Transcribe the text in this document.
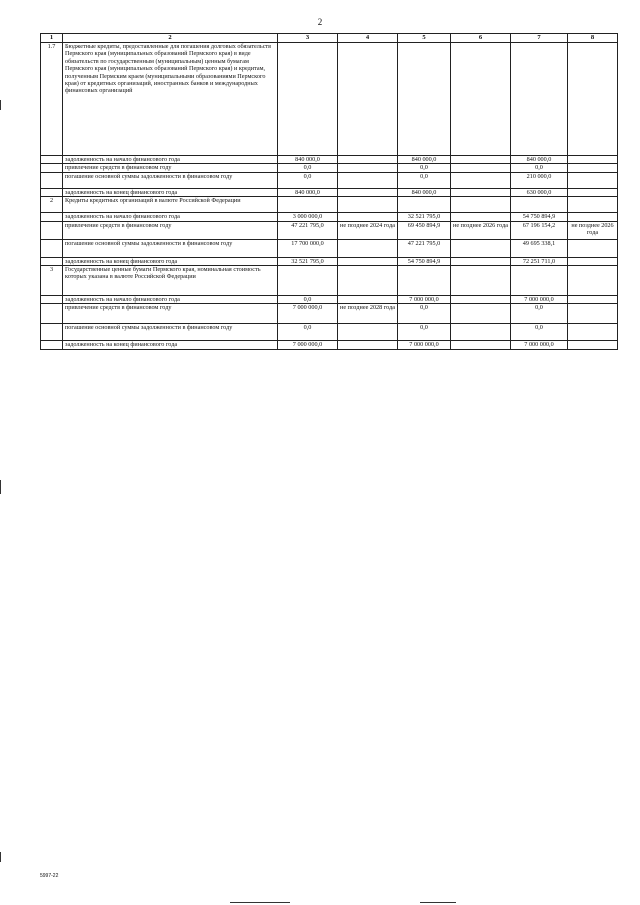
2
1	2	3	4	5	6	7	8
1.7	Бюджетные кредиты, предоставленные для погашения долговых обязательств Пермского края (муниципальных образований Пермского края) в виде обязательств по государственным (муниципальным) ценным бумагам Пермского края (муниципальных образований Пермского края) и кредитам, полученным Пермским краем (муниципальными образованиями Пермского края) от кредитных организаций, иностранных банков и международных финансовых организаций						
	задолженность на начало финансового года	840 000,0		840 000,0		840 000,0	
	привлечение средств в финансовом году	0,0		0,0		0,0	
	погашение основной суммы задолженности в финансовом году	0,0		0,0		210 000,0	
	задолженность на конец финансового года	840 000,0		840 000,0		630 000,0	
2	Кредиты кредитных организаций в валюте Российской Федерации						
	задолженность на начало финансового года	3 000 000,0		32 521 795,0		54 750 894,9	
	привлечение средств в финансовом году	47 221 795,0	не позднее 2024 года	69 450 894,9	не позднее 2026 года	67 196 154,2	не позднее 2026 года
	погашение основной суммы задолженности в финансовом году	17 700 000,0		47 221 795,0		49 695 338,1	
	задолженность на конец финансового года	32 521 795,0		54 750 894,9		72 251 711,0	
3	Государственные ценные бумаги Пермского края, номинальная стоимость которых указана в валюте Российской Федерации						
	задолженность на начало финансового года	0,0		7 000 000,0		7 000 000,0	
	привлечение средств в финансовом году	7 000 000,0	не позднее 2028 года	0,0		0,0	
	погашение основной суммы задолженности в финансовом году	0,0		0,0		0,0	
	задолженность на конец финансового года	7 000 000,0		7 000 000,0		7 000 000,0	
5997-22
